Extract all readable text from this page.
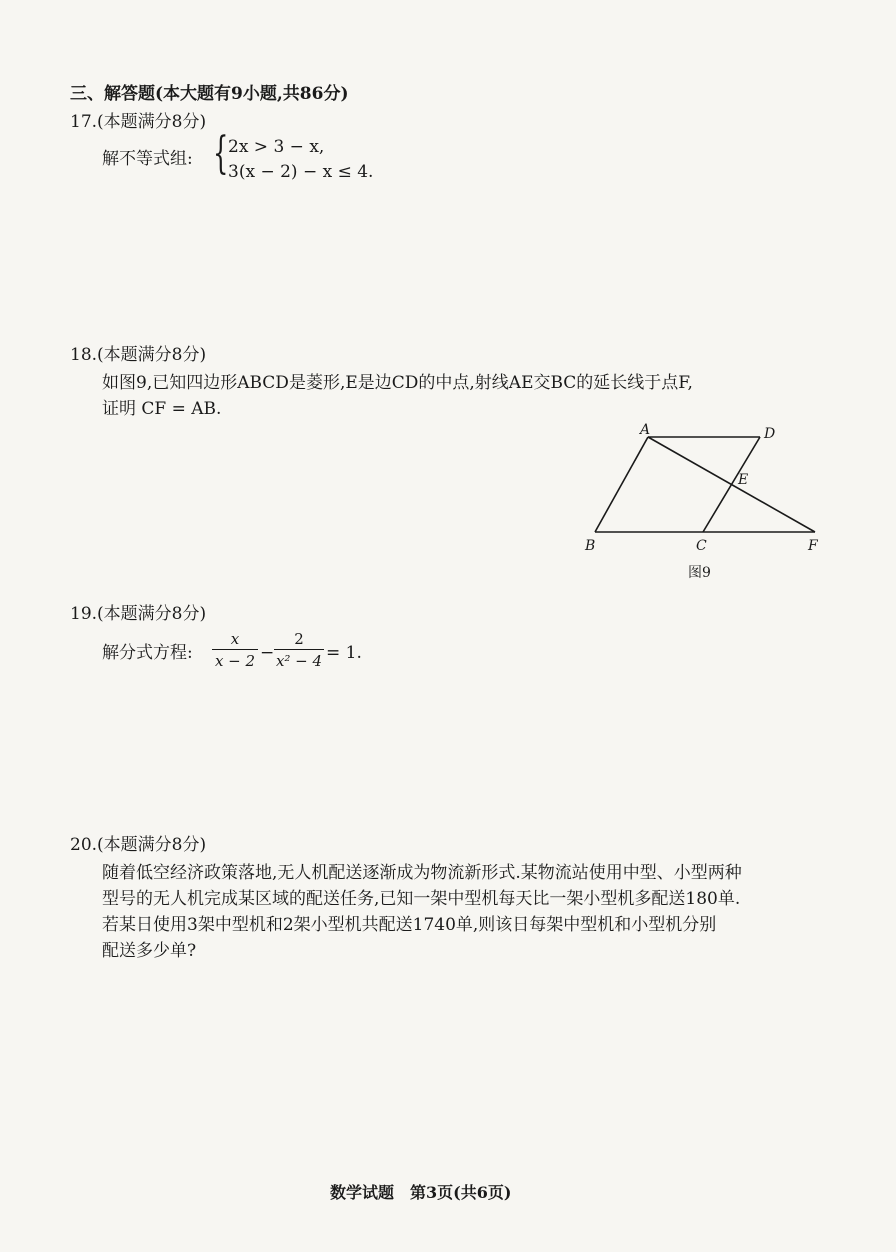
三、解答题(本大题有9小题,共86分)
17.(本题满分8分)
解不等式组: { 2x > 3 − x,
3(x − 2) − x ≤ 4.
18.(本题满分8分)
如图9,已知四边形ABCD是菱形,E是边CD的中点,射线AE交BC的延长线于点F,
证明 CF = AB.
A	D
E
B	C	F
图9
19.(本题满分8分)
解分式方程:
x
x − 2 −
2
x² − 4 = 1.
20.(本题满分8分)
随着低空经济政策落地,无人机配送逐渐成为物流新形式.某物流站使用中型、小型两种
型号的无人机完成某区域的配送任务,已知一架中型机每天比一架小型机多配送180单.
若某日使用3架中型机和2架小型机共配送1740单,则该日每架中型机和小型机分别
配送多少单?
数学试题　第3页(共6页)
